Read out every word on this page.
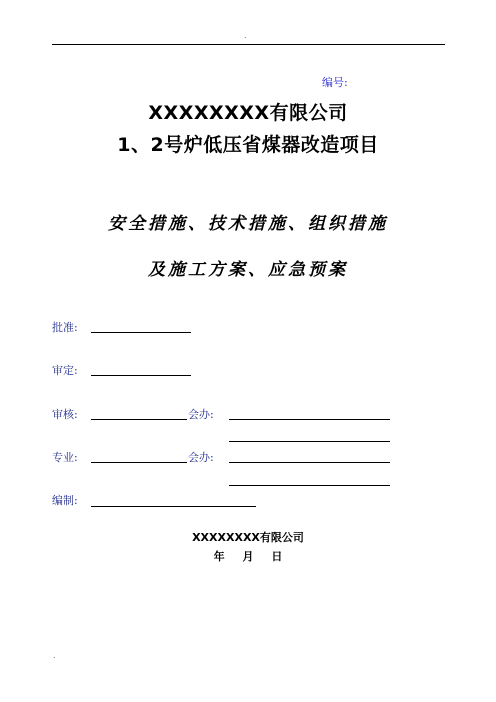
.
编号:
XXXXXXXX有限公司
1、2号炉低压省煤器改造项目
安全措施、技术措施、组织措施
及施工方案、应急预案
批准:
审定:
审核:	会办:
专业:	会办:
编制:
XXXXXXXX有限公司
年 月 日
.
